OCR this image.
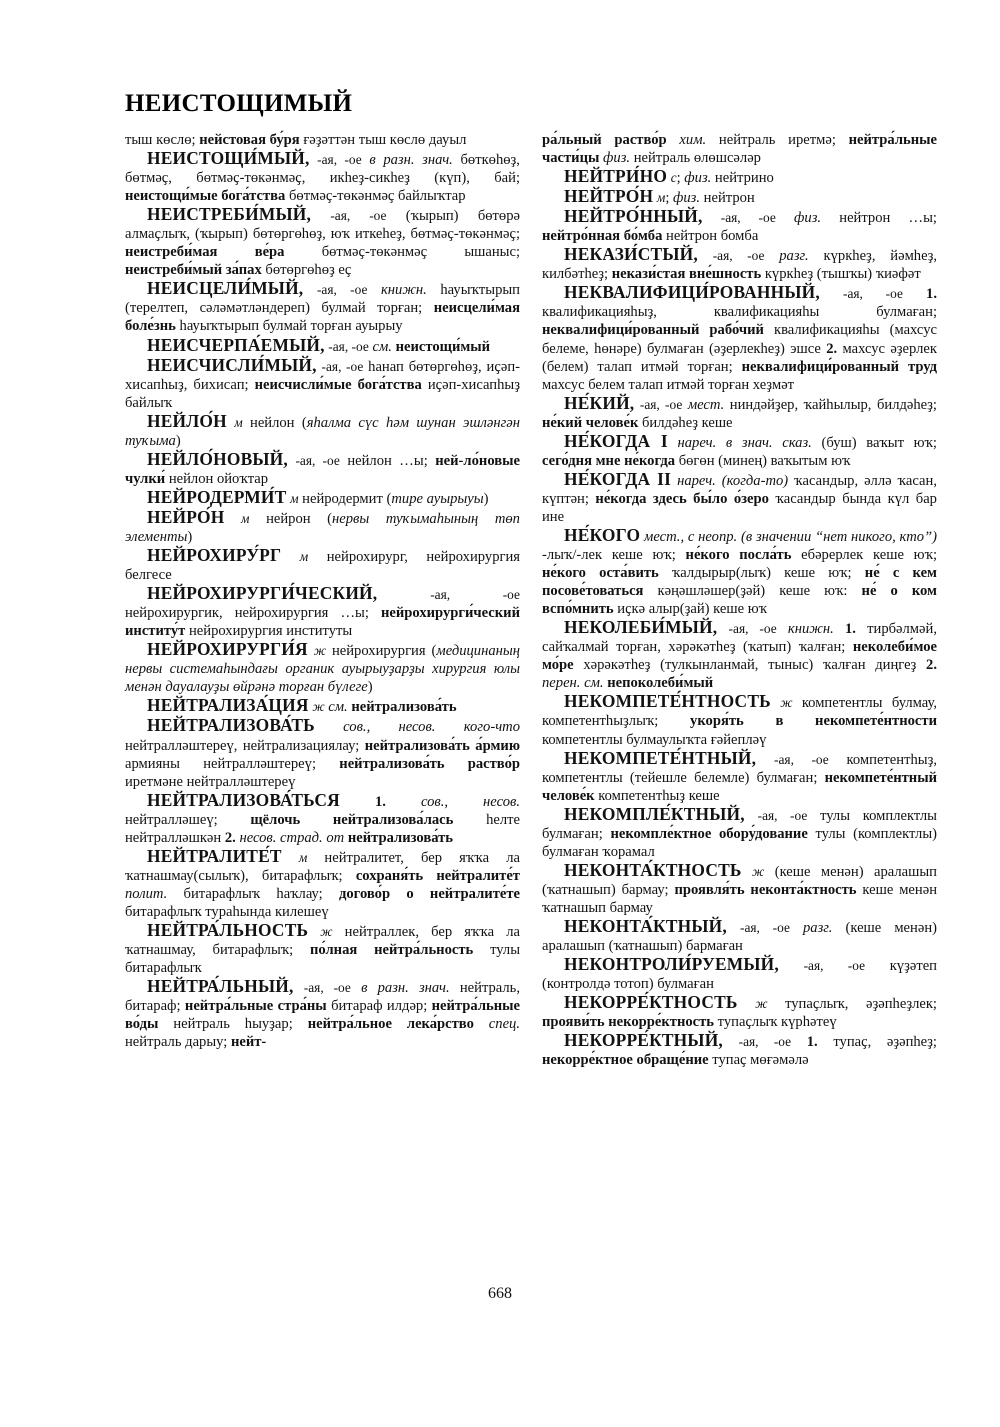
НЕИСТОЩИМЫЙ

тыш көслө; нейстовая бу́ря ғәҙәттән тыш көслө дауыл

НЕИСТОЩИ́МЫЙ, -ая, -ое в разн. знач. бөткөһөҙ, бөтмәҫ, бөтмәҫ-төкәнмәҫ, икһеҙ-сикһеҙ (күп), бай; неистощи́мые бога́тства бөтмәҫ-төкәнмәҫ байлыҡтар

НЕИСТРЕБИ́МЫЙ, -ая, -ое (ҡырып) бөтөрә алмаҫлыҡ, (ҡырып) бөтөргөһөҙ, юҡ иткеһеҙ, бөтмәҫ-төкәнмәҫ; неистреби́мая ве́ра бөтмәҫ-төкәнмәҫ ышаныс; неистреби́мый за́пах бөтөргөһөҙ еҫ

НЕИСЦЕЛИ́МЫЙ, -ая, -ое книжн. һауыҡтырып (терелтеп, сәләмәтләндереп) булмай торған; неисцели́мая боле́знь һауыҡтырып булмай торған ауырыу

НЕИСЧЕРПА́ЕМЫЙ, -ая, -ое см. неистощи́мый

НЕИСЧИСЛИ́МЫЙ, -ая, -ое һанап бөтөргөһөҙ, иҫәп-хисапһыҙ, бихисап; неисчисли́мые бога́тства иҫәп-хисапһыҙ байлыҡ

НЕЙЛО́Н м нейлон (яһалма сүс һәм шунан эшләнгән туҡыма)

НЕЙЛО́НОВЫЙ, -ая, -ое нейлон …ы; ней-ло́новые чулки́ нейлон ойоҡтар

НЕЙРОДЕРМИ́Т м нейродермит (тире ауырыуы)

НЕЙРО́Н м нейрон (нервы туҡымаһының төп элементы)

НЕЙРОХИРУ́РГ м нейрохирург, нейрохирургия белгесе

НЕЙРОХИРУРГИ́ЧЕСКИЙ,	-ая, -ое нейрохирургик, нейрохирургия …ы; нейрохирурги́ческий институ́т нейрохирургия институты

НЕЙРОХИРУРГИ́Я ж нейрохирургия (медицинаның нервы системаһындағы органик ауырыуҙарҙы хирургия юлы менән дауалауҙы өйрәнә торған бүлеге)

НЕЙТРАЛИЗА́ЦИЯ ж см. нейтрализова́ть

НЕЙТРАЛИЗОВА́ТЬ сов., несов. кого-что нейтралләштереү, нейтрализациялау; нейтрализова́ть а́рмию армияны нейтралләштереү; нейтрализова́ть раство́р иретмәне нейтралләштереү

НЕЙТРАЛИЗОВА́ТЬСЯ 1. сов., несов. нейтралләшеү; щёлочь нейтрализова́лась һелте нейтралләшкән 2. несов. страд. от нейтрализова́ть

НЕЙТРАЛИТЕ́Т м нейтралитет, бер яҡҡа ла ҡатнашмау(сылыҡ), битарафлыҡ; сохраня́ть нейтралите́т полит. битарафлыҡ һаҡлау; догово́р о нейтралите́те битарафлыҡ тураһында килешеү

НЕЙТРА́ЛЬНОСТЬ ж нейтраллек, бер яҡҡа ла ҡатнашмау, битарафлыҡ; по́лная нейтра́льность тулы битарафлыҡ

НЕЙТРА́ЛЬНЫЙ, -ая, -ое в разн. знач. нейтраль, битараф; нейтра́льные стра́ны битараф илдәр; нейтра́льные во́ды нейтраль һыуҙар; нейтра́льное лека́рство спец. нейтраль дарыу; нейт-

ра́льный раство́р хим. нейтраль иретмә; нейтра́льные части́цы физ. нейтраль өлөшсәләр

НЕЙТРИ́НО с; физ. нейтрино

НЕЙТРО́Н м; физ. нейтрон

НЕЙТРО́ННЫЙ, -ая, -ое физ. нейтрон …ы; нейтро́нная бо́мба нейтрон бомба

НЕКАЗИ́СТЫЙ, -ая, -ое разг. күркһеҙ, йәмһеҙ, килбәтһеҙ; некази́стая вне́шность күркһеҙ (тышҡы) ҡиәфәт

НЕКВАЛИФИЦИ́РОВАННЫЙ, -ая, -ое 1. квалификацияһыҙ, квалификацияһы булмаған; неквалифици́рованный рабо́чий квалификацияһы (махсус белеме, һөнәре) булмаған (әҙерлекһеҙ) эшсе 2. махсус әҙерлек (белем) талап итмәй торған; неквалифици́рованный труд махсус белем талап итмәй торған хеҙмәт

НЕ́КИЙ, -ая, -ое мест. ниндәйҙер, ҡайһылыр, билдәһеҙ; не́кий челове́к билдәһеҙ кеше

НЕ́КОГДА I нареч. в знач. сказ. (буш) ваҡыт юҡ; сего́дня мне не́когда бөгөн (минең) ваҡытым юҡ

НЕ́КОГДА II нареч. (когда-то) ҡасандыр, әллә ҡасан, күптән; не́когда здесь бы́ло о́зеро ҡасандыр бында күл бар ине

НЕ́КОГО мест., с неопр. (в значении “нет никого, кто”) -лыҡ/-лек кеше юҡ; не́кого посла́ть ебәрерлек кеше юҡ; не́кого оста́вить ҡалдырыр(лыҡ) кеше юҡ; не́ с кем посове́товаться кәңәшләшер(ҙәй) кеше юҡ: не́ о ком вспо́мнить иҫкә алыр(ҙай) кеше юҡ

НЕКОЛЕБИ́МЫЙ, -ая, -ое книжн. 1. тирбәлмәй, сайҡалмай торған, хәрәкәтһеҙ (ҡатып) ҡалған; неколеби́мое мо́ре хәрәкәтһеҙ (тулкынланмай, тыныс) ҡалған диңгеҙ 2. перен. см. непоколеби́мый

НЕКОМПЕТЕ́НТНОСТЬ ж компетентлы булмау, компетентһыҙлыҡ; укоря́ть в некомпете́нтности компетентлы булмаулыҡта ғәйепләү

НЕКОМПЕТЕ́НТНЫЙ, -ая, -ое компетентһыҙ, компетентлы (тейешле белемле) булмаған; некомпете́нтный челове́к компетентһыҙ кеше

НЕКОМПЛЕ́КТНЫЙ, -ая, -ое тулы комплектлы булмаған; некомпле́ктное обору́дование тулы (комплектлы) булмаған ҡорамал

НЕКОНТА́КТНОСТЬ ж (кеше менән) аралашып (ҡатнашып) бармау; проявля́ть неконта́ктность кеше менән ҡатнашып бармау

НЕКОНТА́КТНЫЙ, -ая, -ое разг. (кеше менән) аралашып (ҡатнашып) бармаған

НЕКОНТРОЛИ́РУЕМЫЙ, -ая, -ое күҙәтеп (контролдә тотоп) булмаған

НЕКОРРЕ́КТНОСТЬ ж тупаҫлыҡ, әҙәпһеҙлек; прояви́ть некорре́ктность тупаҫлыҡ күрһәтеү

НЕКОРРЕ́КТНЫЙ, -ая, -ое 1. тупаҫ, әҙәпһеҙ; некорре́ктное обраще́ние тупаҫ мөғәмәлә

668
